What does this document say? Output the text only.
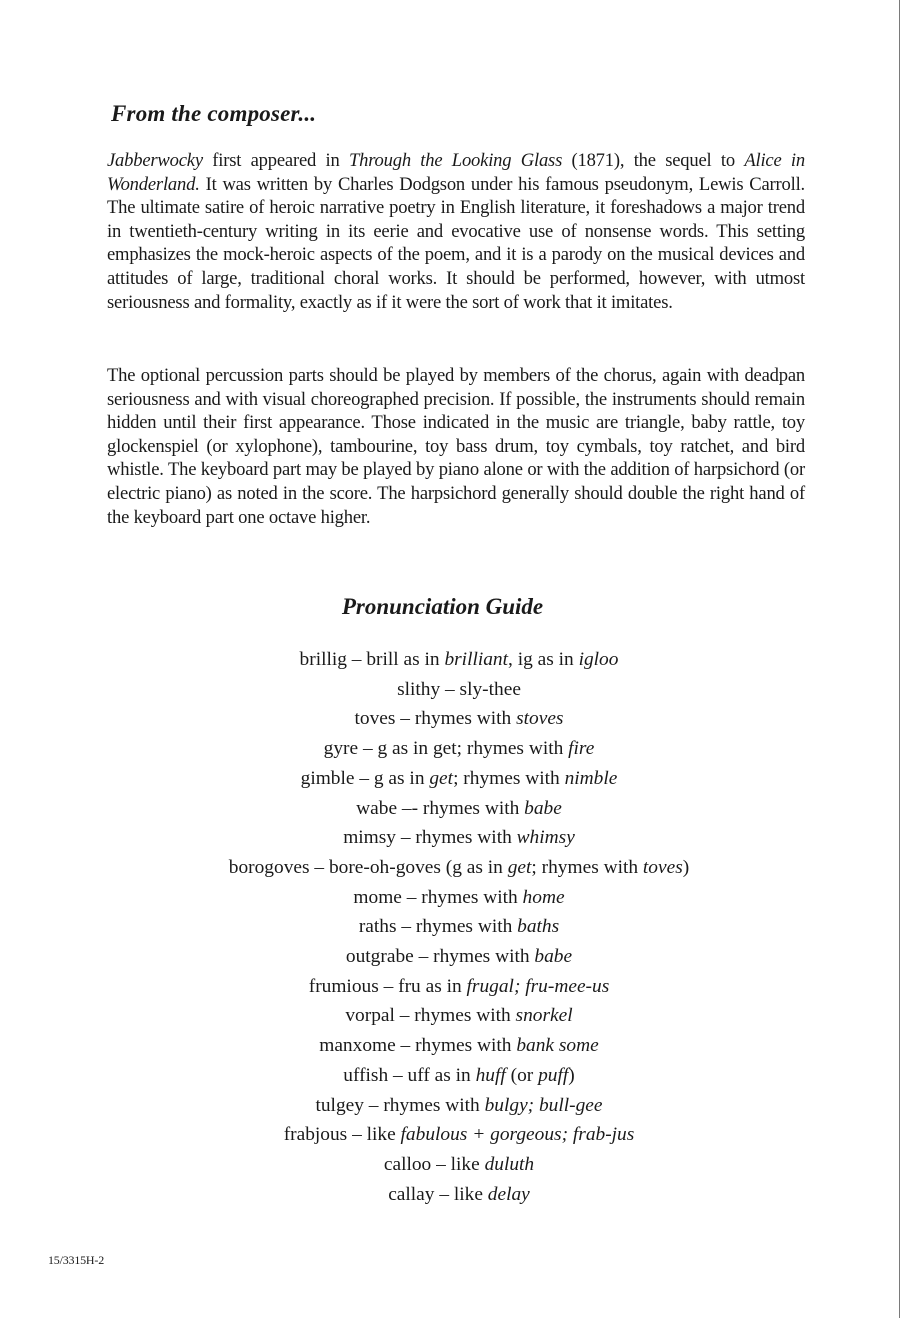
From the composer...

Jabberwocky first appeared in Through the Looking Glass (1871), the sequel to Alice in Wonderland. It was written by Charles Dodgson under his famous pseudonym, Lewis Carroll. The ultimate satire of heroic narrative poetry in English literature, it foreshadows a major trend in twentieth-century writing in its eerie and evocative use of nonsense words. This setting emphasizes the mock-heroic aspects of the poem, and it is a parody on the musical devices and attitudes of large, traditional choral works. It should be performed, however, with utmost seriousness and formality, exactly as if it were the sort of work that it imitates.

The optional percussion parts should be played by members of the chorus, again with deadpan seriousness and with visual choreographed precision. If possible, the instruments should remain hidden until their first appearance. Those indicated in the music are triangle, baby rattle, toy glockenspiel (or xylophone), tambourine, toy bass drum, toy cymbals, toy ratchet, and bird whistle. The keyboard part may be played by piano alone or with the addition of harpsichord (or electric piano) as noted in the score. The harpsichord generally should double the right hand of the keyboard part one octave higher.

Pronunciation Guide
brillig – brill as in brilliant, ig as in igloo
slithy – sly-thee
toves – rhymes with stoves
gyre – g as in get; rhymes with fire
gimble – g as in get; rhymes with nimble
wabe –- rhymes with babe
mimsy – rhymes with whimsy
borogoves – bore-oh-goves (g as in get; rhymes with toves)
mome – rhymes with home
raths – rhymes with baths
outgrabe – rhymes with babe
frumious – fru as in frugal; fru-mee-us
vorpal – rhymes with snorkel
manxome – rhymes with bank some
uffish – uff as in huff (or puff)
tulgey – rhymes with bulgy; bull-gee
frabjous – like fabulous + gorgeous; frab-jus
calloo – like duluth
callay – like delay
15/3315H-2
